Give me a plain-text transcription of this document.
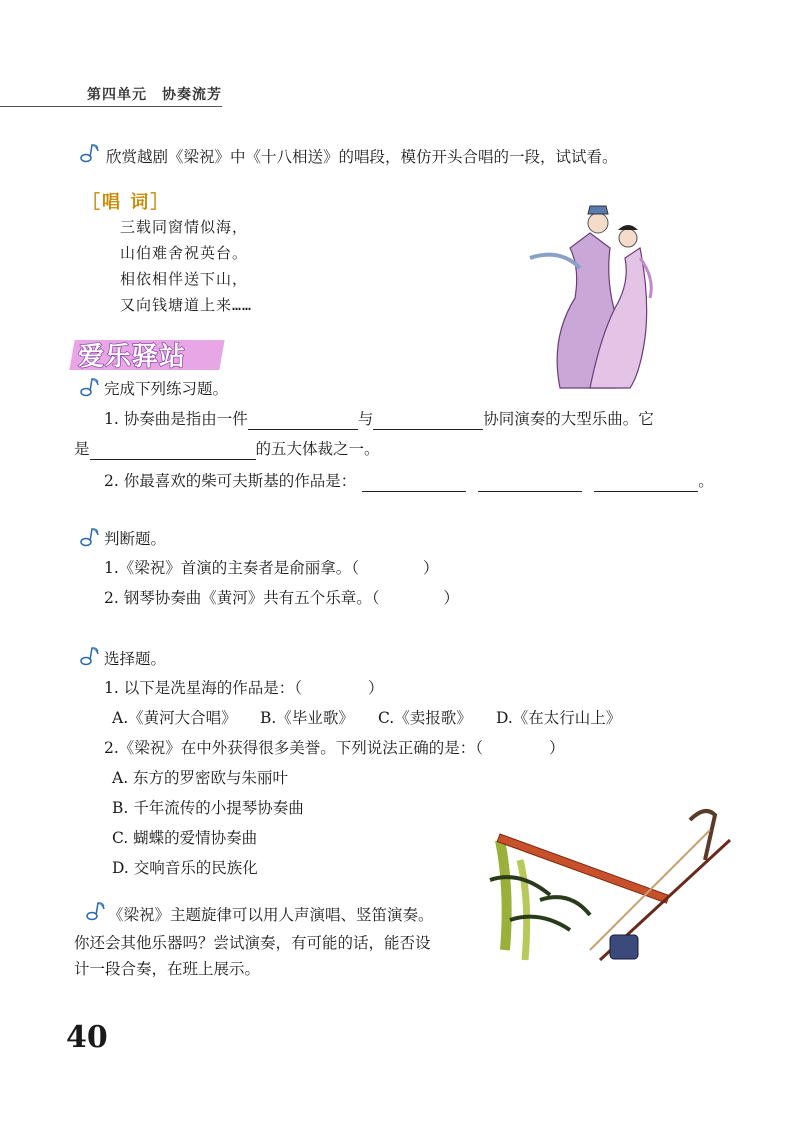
第四单元　协奏流芳
欣赏越剧《梁祝》中《十八相送》的唱段，模仿开头合唱的一段，试试看。
［唱 词］
三载同窗情似海，
山伯难舍祝英台。
相依相伴送下山，
又向钱塘道上来……
爱乐驿站
完成下列练习题。
1. 协奏曲是指由一件	与	协同演奏的大型乐曲。它
是	的五大体裁之一。
2. 你最喜欢的柴可夫斯基的作品是：	。
判断题。
1.《梁祝》首演的主奏者是俞丽拿。（	）
2. 钢琴协奏曲《黄河》共有五个乐章。（	）
选择题。
1. 以下是冼星海的作品是：（	）
A.《黄河大合唱》 B.《毕业歌》 C.《卖报歌》 D.《在太行山上》
2.《梁祝》在中外获得很多美誉。下列说法正确的是：（	）
A. 东方的罗密欧与朱丽叶
B. 千年流传的小提琴协奏曲
C. 蝴蝶的爱情协奏曲
D. 交响音乐的民族化
《梁祝》主题旋律可以用人声演唱、竖笛演奏。
你还会其他乐器吗？尝试演奏，有可能的话，能否设
计一段合奏，在班上展示。
40
